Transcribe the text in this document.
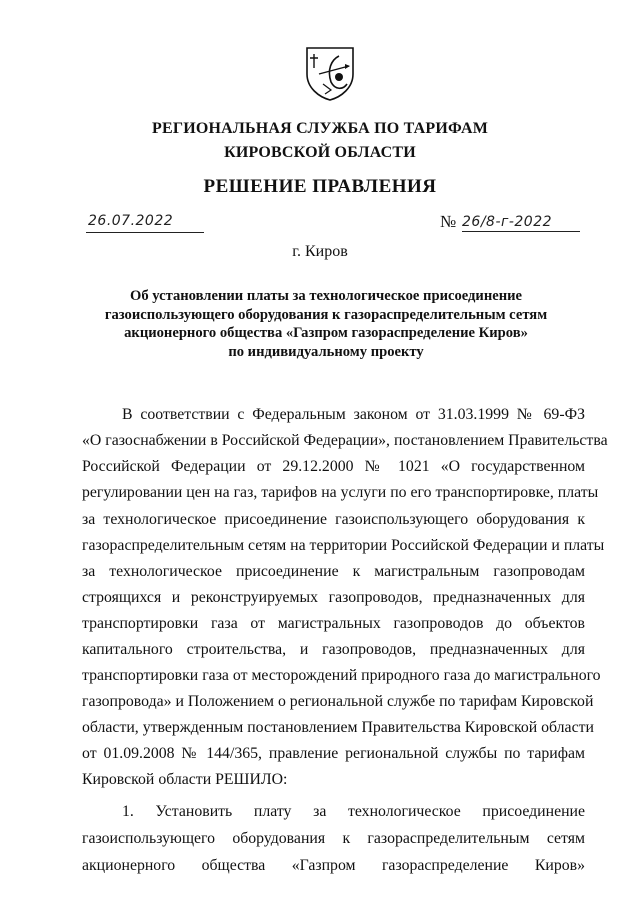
РЕГИОНАЛЬНАЯ СЛУЖБА ПО ТАРИФАМ
КИРОВСКОЙ ОБЛАСТИ
РЕШЕНИЕ ПРАВЛЕНИЯ
26.07.2022	№ 26/8-г-2022
г. Киров
Об установлении платы за технологическое присоединение
газоиспользующего оборудования к газораспределительным сетям
акционерного общества «Газпром газораспределение Киров»
по индивидуальному проекту
В соответствии с Федеральным законом от 31.03.1999 № 69-ФЗ
«О газоснабжении в Российской Федерации», постановлением Правительства
Российской Федерации от 29.12.2000 № 1021 «О государственном
регулировании цен на газ, тарифов на услуги по его транспортировке, платы
за технологическое присоединение газоиспользующего оборудования к
газораспределительным сетям на территории Российской Федерации и платы
за технологическое присоединение к магистральным газопроводам
строящихся и реконструируемых газопроводов, предназначенных для
транспортировки газа от магистральных газопроводов до объектов
капитального строительства, и газопроводов, предназначенных для
транспортировки газа от месторождений природного газа до магистрального
газопровода» и Положением о региональной службе по тарифам Кировской
области, утвержденным постановлением Правительства Кировской области
от 01.09.2008 № 144/365, правление региональной службы по тарифам
Кировской области РЕШИЛО:
1. Установить плату за технологическое присоединение
газоиспользующего оборудования к газораспределительным сетям
акционерного общества «Газпром газораспределение Киров»
